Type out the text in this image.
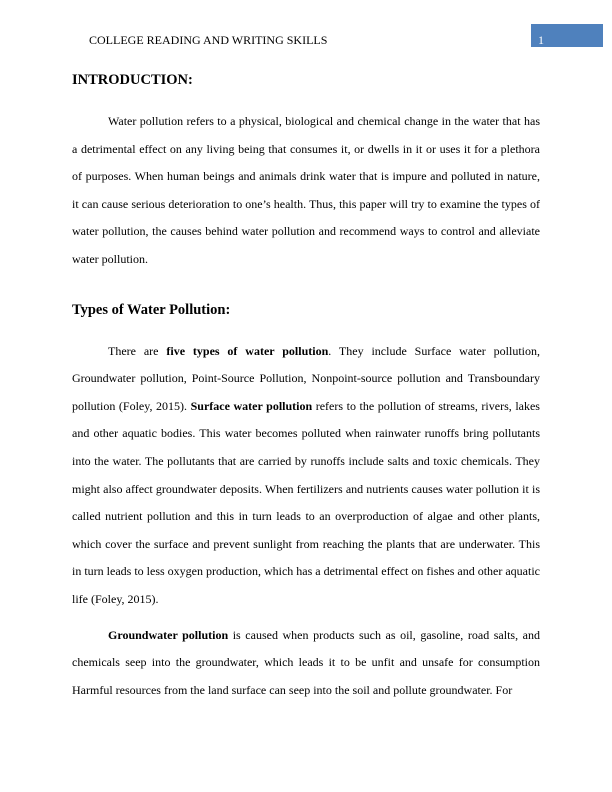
COLLEGE READING AND WRITING SKILLS	1
INTRODUCTION:

Water pollution refers to a physical, biological and chemical change in the water that has a detrimental effect on any living being that consumes it, or dwells in it or uses it for a plethora of purposes. When human beings and animals drink water that is impure and polluted in nature, it can cause serious deterioration to one’s health. Thus, this paper will try to examine the types of water pollution, the causes behind water pollution and recommend ways to control and alleviate water pollution.

Types of Water Pollution:

There are five types of water pollution. They include Surface water pollution, Groundwater pollution, Point-Source Pollution, Nonpoint-source pollution and Transboundary pollution (Foley, 2015). Surface water pollution refers to the pollution of streams, rivers, lakes and other aquatic bodies. This water becomes polluted when rainwater runoffs bring pollutants into the water. The pollutants that are carried by runoffs include salts and toxic chemicals. They might also affect groundwater deposits. When fertilizers and nutrients causes water pollution it is called nutrient pollution and this in turn leads to an overproduction of algae and other plants, which cover the surface and prevent sunlight from reaching the plants that are underwater. This in turn leads to less oxygen production, which has a detrimental effect on fishes and other aquatic life (Foley, 2015).

Groundwater pollution is caused when products such as oil, gasoline, road salts, and chemicals seep into the groundwater, which leads it to be unfit and unsafe for consumption Harmful resources from the land surface can seep into the soil and pollute groundwater. For
